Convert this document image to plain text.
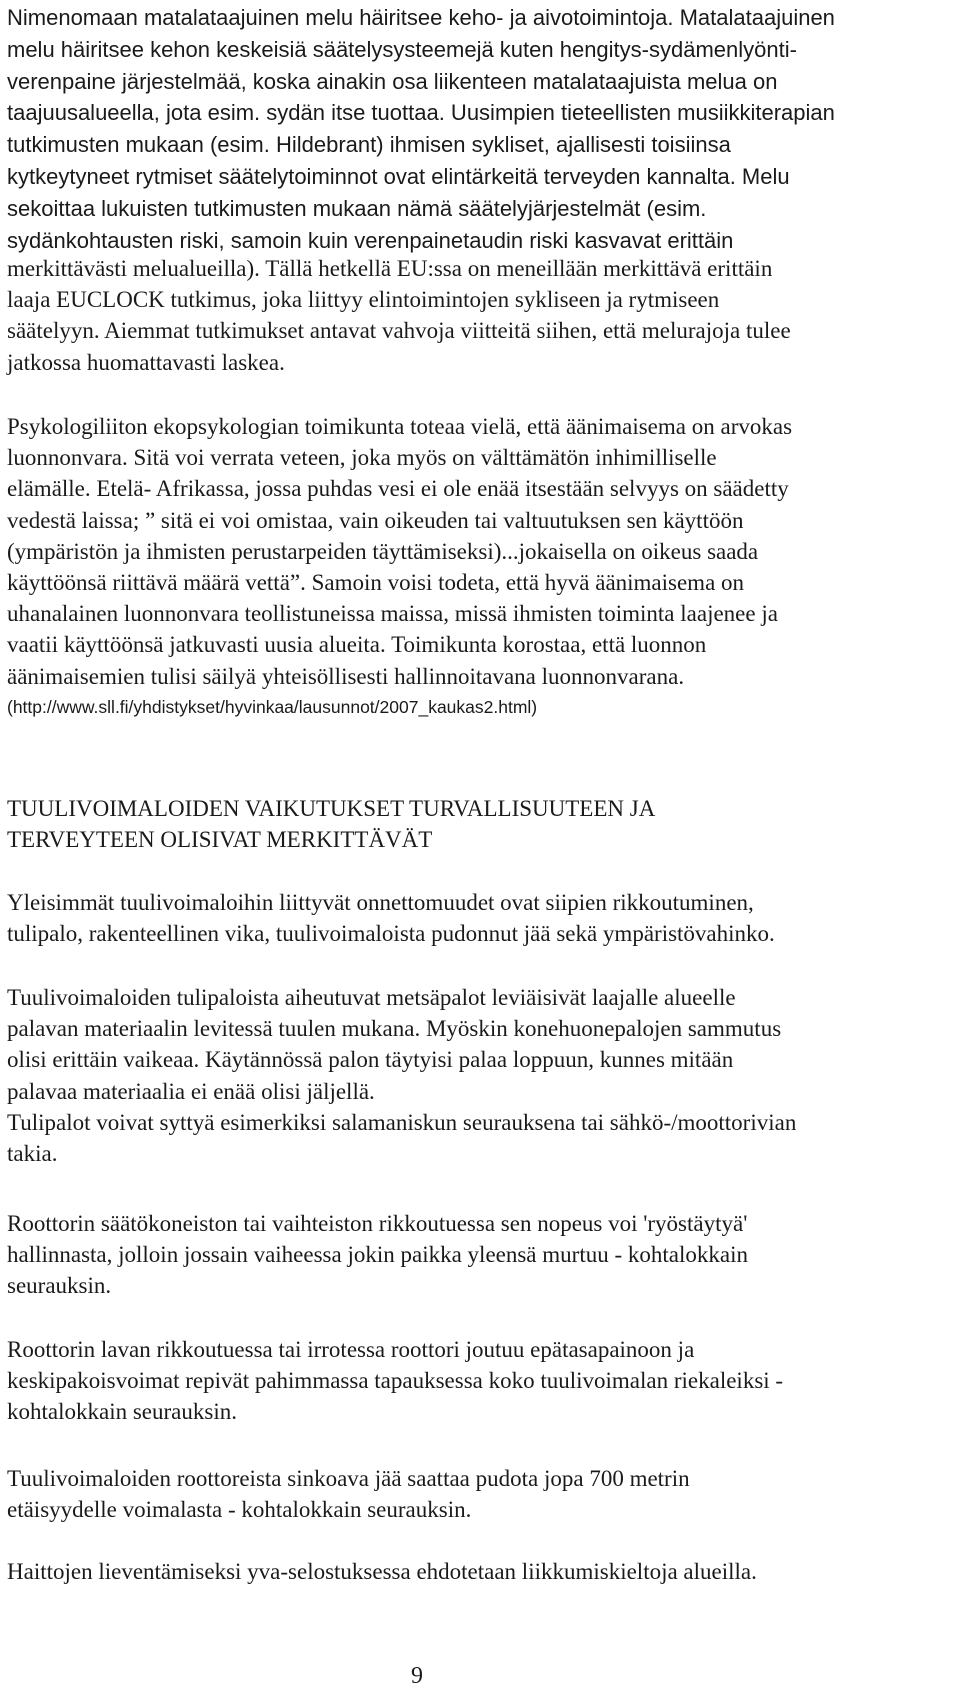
Nimenomaan matalataajuinen melu häiritsee keho- ja aivotoimintoja. Matalataajuinen
melu häiritsee kehon keskeisiä säätelysysteemejä kuten hengitys-sydämenlyönti-
verenpaine järjestelmää, koska ainakin osa liikenteen matalataajuista melua on
taajuusalueella, jota esim. sydän itse tuottaa. Uusimpien tieteellisten musiikkiterapian
tutkimusten mukaan (esim. Hildebrant) ihmisen sykliset, ajallisesti toisiinsa
kytkeytyneet rytmiset säätelytoiminnot ovat elintärkeitä terveyden kannalta. Melu
sekoittaa lukuisten tutkimusten mukaan nämä säätelyjärjestelmät (esim.
sydänkohtausten riski, samoin kuin verenpainetaudin riski kasvavat erittäin
merkittävästi melualueilla). Tällä hetkellä EU:ssa on meneillään merkittävä erittäin
laaja EUCLOCK tutkimus, joka liittyy elintoimintojen sykliseen ja rytmiseen
säätelyyn. Aiemmat tutkimukset antavat vahvoja viitteitä siihen, että melurajoja tulee
jatkossa huomattavasti laskea.
Psykologiliiton ekopsykologian toimikunta toteaa vielä, että äänimaisema on arvokas
luonnonvara. Sitä voi verrata veteen, joka myös on välttämätön inhimilliselle
elämälle. Etelä- Afrikassa, jossa puhdas vesi ei ole enää itsestään selvyys on säädetty
vedestä laissa; ” sitä ei voi omistaa, vain oikeuden tai valtuutuksen sen käyttöön
(ympäristön ja ihmisten perustarpeiden täyttämiseksi)...jokaisella on oikeus saada
käyttöönsä riittävä määrä vettä”. Samoin voisi todeta, että hyvä äänimaisema on
uhanalainen luonnonvara teollistuneissa maissa, missä ihmisten toiminta laajenee ja
vaatii käyttöönsä jatkuvasti uusia alueita. Toimikunta korostaa, että luonnon
äänimaisemien tulisi säilyä yhteisöllisesti hallinnoitavana luonnonvarana.
(http://www.sll.fi/yhdistykset/hyvinkaa/lausunnot/2007_kaukas2.html)
TUULIVOIMALOIDEN VAIKUTUKSET TURVALLISUUTEEN JA
TERVEYTEEN OLISIVAT MERKITTÄVÄT
Yleisimmät tuulivoimaloihin liittyvät onnettomuudet ovat siipien rikkoutuminen,
tulipalo, rakenteellinen vika, tuulivoimaloista pudonnut jää sekä ympäristövahinko.
Tuulivoimaloiden tulipaloista aiheutuvat metsäpalot leviäisivät laajalle alueelle
palavan materiaalin levitessä tuulen mukana. Myöskin konehuonepalojen sammutus
olisi erittäin vaikeaa. Käytännössä palon täytyisi palaa loppuun, kunnes mitään
palavaa materiaalia ei enää olisi jäljellä.
Tulipalot voivat syttyä esimerkiksi salamaniskun seurauksena tai sähkö-/moottorivian
takia.
Roottorin säätökoneiston tai vaihteiston rikkoutuessa sen nopeus voi 'ryöstäytyä'
hallinnasta, jolloin jossain vaiheessa jokin paikka yleensä murtuu - kohtalokkain
seurauksin.
Roottorin lavan rikkoutuessa tai irrotessa roottori joutuu epätasapainoon ja
keskipakoisvoimat repivät pahimmassa tapauksessa koko tuulivoimalan riekaleiksi -
kohtalokkain seurauksin.
Tuulivoimaloiden roottoreista sinkoava jää saattaa pudota jopa 700 metrin
etäisyydelle voimalasta - kohtalokkain seurauksin.
Haittojen lieventämiseksi yva-selostuksessa ehdotetaan liikkumiskieltoja alueilla.
9
